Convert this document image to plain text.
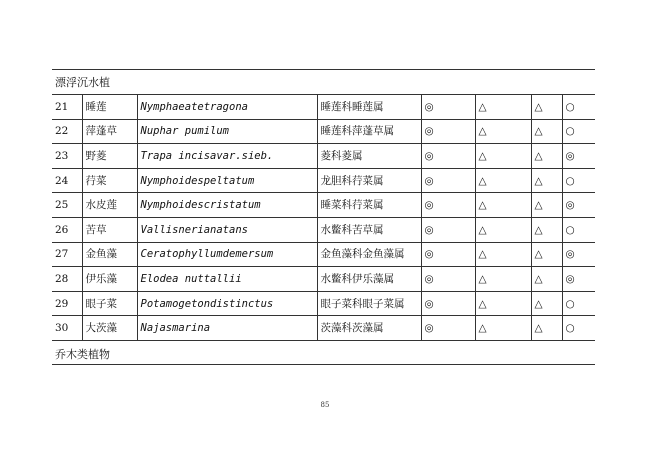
漂浮沉水植
21	睡莲	Nymphaeatetragona	睡莲科睡莲属	◎	△	△	○
22	萍蓬草	Nuphar pumilum	睡莲科萍蓬草属	◎	△	△	○
23	野菱	Trapa incisavar.sieb.	菱科菱属	◎	△	△	◎
24	荇菜	Nymphoidespeltatum	龙胆科荇菜属	◎	△	△	○
25	水皮莲	Nymphoidescristatum	睡菜科荇菜属	◎	△	△	◎
26	苦草	Vallisnerianatans	水鳖科苦草属	◎	△	△	○
27	金鱼藻	Ceratophyllumdemersum	金鱼藻科金鱼藻属	◎	△	△	◎
28	伊乐藻	Elodea nuttallii	水鳖科伊乐藻属	◎	△	△	◎
29	眼子菜	Potamogetondistinctus	眼子菜科眼子菜属	◎	△	△	○
30	大茨藻	Najasmarina	茨藻科茨藻属	◎	△	△	○
乔木类植物
85
